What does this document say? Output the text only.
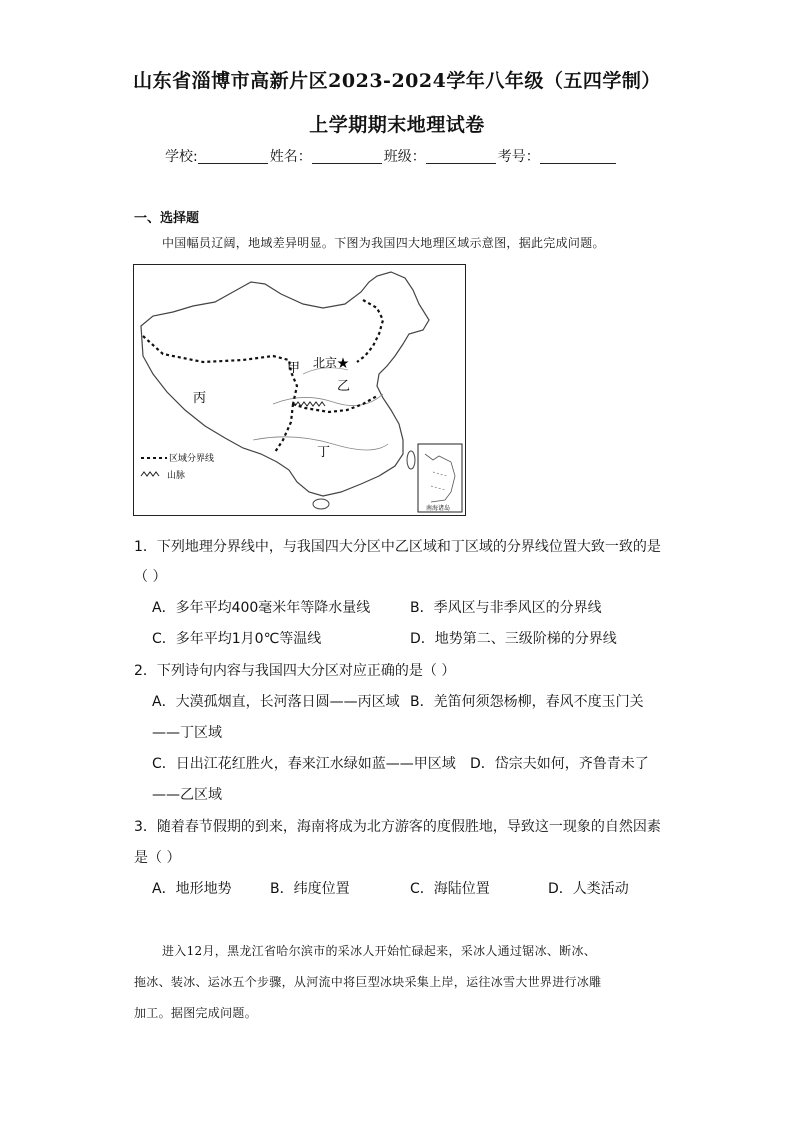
山东省淄博市高新片区2023-2024学年八年级（五四学制）
上学期期末地理试卷
学校:	姓名：	班级：	考号：
一、选择题
中国幅员辽阔，地域差异明显。下图为我国四大地理区域示意图，据此完成问题。
甲
乙
丙
丁
北京★
区域分界线
山脉
南海诸岛
1．下列地理分界线中，与我国四大分区中乙区域和丁区域的分界线位置大致一致的是
（ ）
A．多年平均400毫米年等降水量线	B．季风区与非季风区的分界线
C．多年平均1月0℃等温线	D．地势第二、三级阶梯的分界线
2．下列诗句内容与我国四大分区对应正确的是（ ）
A．大漠孤烟直，长河落日圆——丙区域 B．羌笛何须怨杨柳，春风不度玉门关
——丁区域
C．日出江花红胜火，春来江水绿如蓝——甲区域 D．岱宗夫如何，齐鲁青未了
——乙区域
3．随着春节假期的到来，海南将成为北方游客的度假胜地，导致这一现象的自然因素
是（ ）
A．地形地势	B．纬度位置	C．海陆位置	D．人类活动
进入12月，黑龙江省哈尔滨市的采冰人开始忙碌起来，采冰人通过锯冰、断冰、
拖冰、装冰、运冰五个步骤，从河流中将巨型冰块采集上岸，运往冰雪大世界进行冰雕
加工。据图完成问题。
